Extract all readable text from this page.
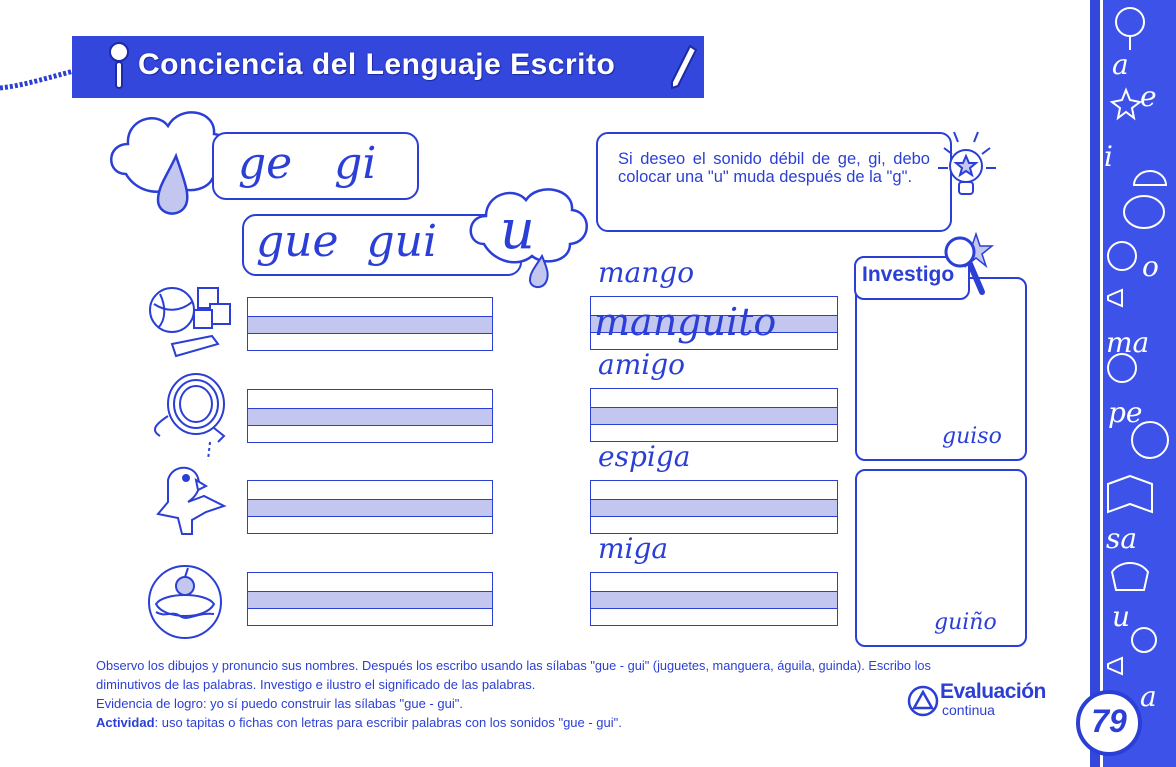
Conciencia del Lenguaje Escrito	a
e
i
o
ma
pe
sa
u
a
79
ge   gi
gue  gui u
Si deseo el sonido débil de ge, gi, debo colocar una "u" muda después de la "g".
mango
manguito
amigo
espiga
miga
Investigo
guiso
guiño
Observo los dibujos y pronuncio sus nombres. Después los escribo usando las sílabas "gue - gui" (juguetes, manguera, águila, guinda). Escribo los
diminutivos de las palabras. Investigo e ilustro el significado de las palabras.
Evidencia de logro: yo sí puedo construir las sílabas "gue - gui".
Actividad: uso tapitas o fichas con letras para escribir palabras con los sonidos "gue - gui".
Evaluación
continua
